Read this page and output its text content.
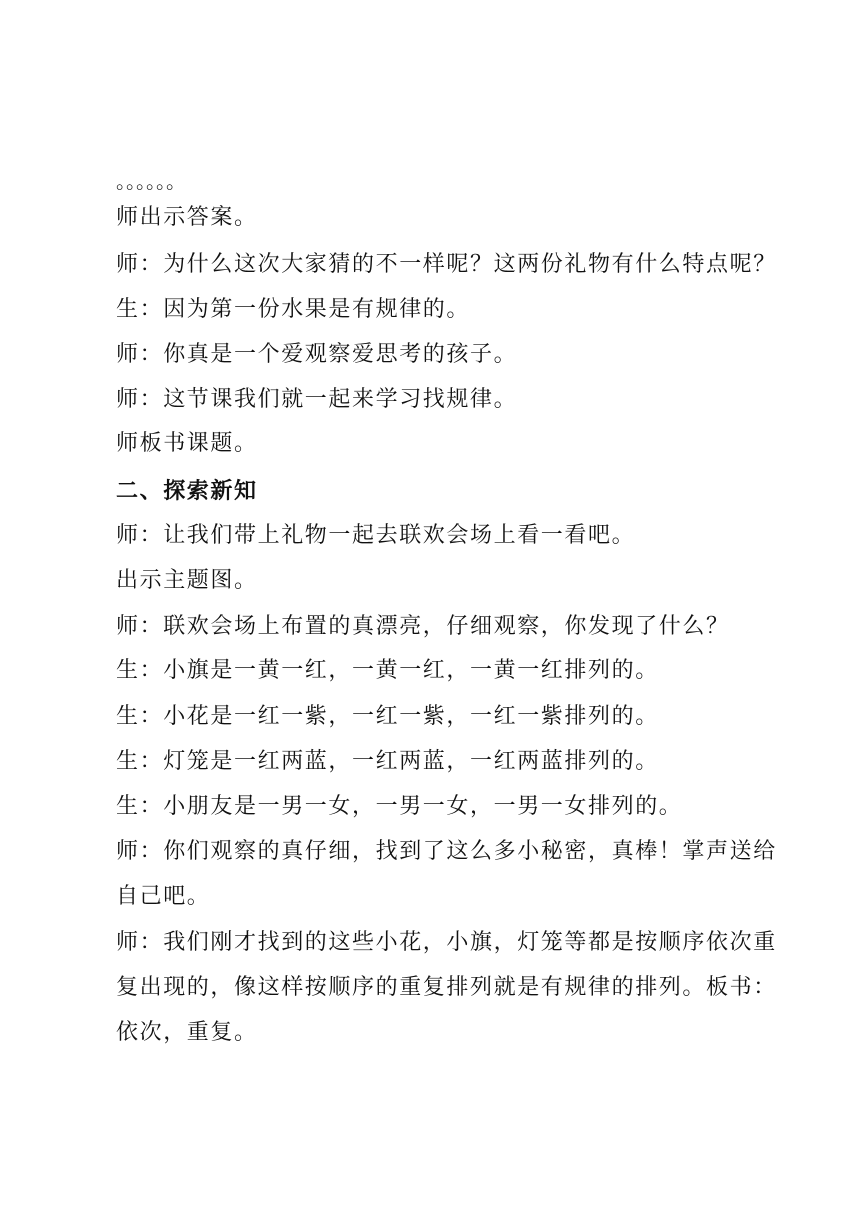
。。。。。。
师出示答案。
师：为什么这次大家猜的不一样呢？这两份礼物有什么特点呢？
生：因为第一份水果是有规律的。
师：你真是一个爱观察爱思考的孩子。
师：这节课我们就一起来学习找规律。
师板书课题。
二、探索新知
师：让我们带上礼物一起去联欢会场上看一看吧。
出示主题图。
师：联欢会场上布置的真漂亮，仔细观察，你发现了什么？
生：小旗是一黄一红，一黄一红，一黄一红排列的。
生：小花是一红一紫，一红一紫，一红一紫排列的。
生：灯笼是一红两蓝，一红两蓝，一红两蓝排列的。
生：小朋友是一男一女，一男一女，一男一女排列的。
师：你们观察的真仔细，找到了这么多小秘密，真棒！掌声送给
自己吧。
师：我们刚才找到的这些小花，小旗，灯笼等都是按顺序依次重
复出现的，像这样按顺序的重复排列就是有规律的排列。板书：
依次，重复。
